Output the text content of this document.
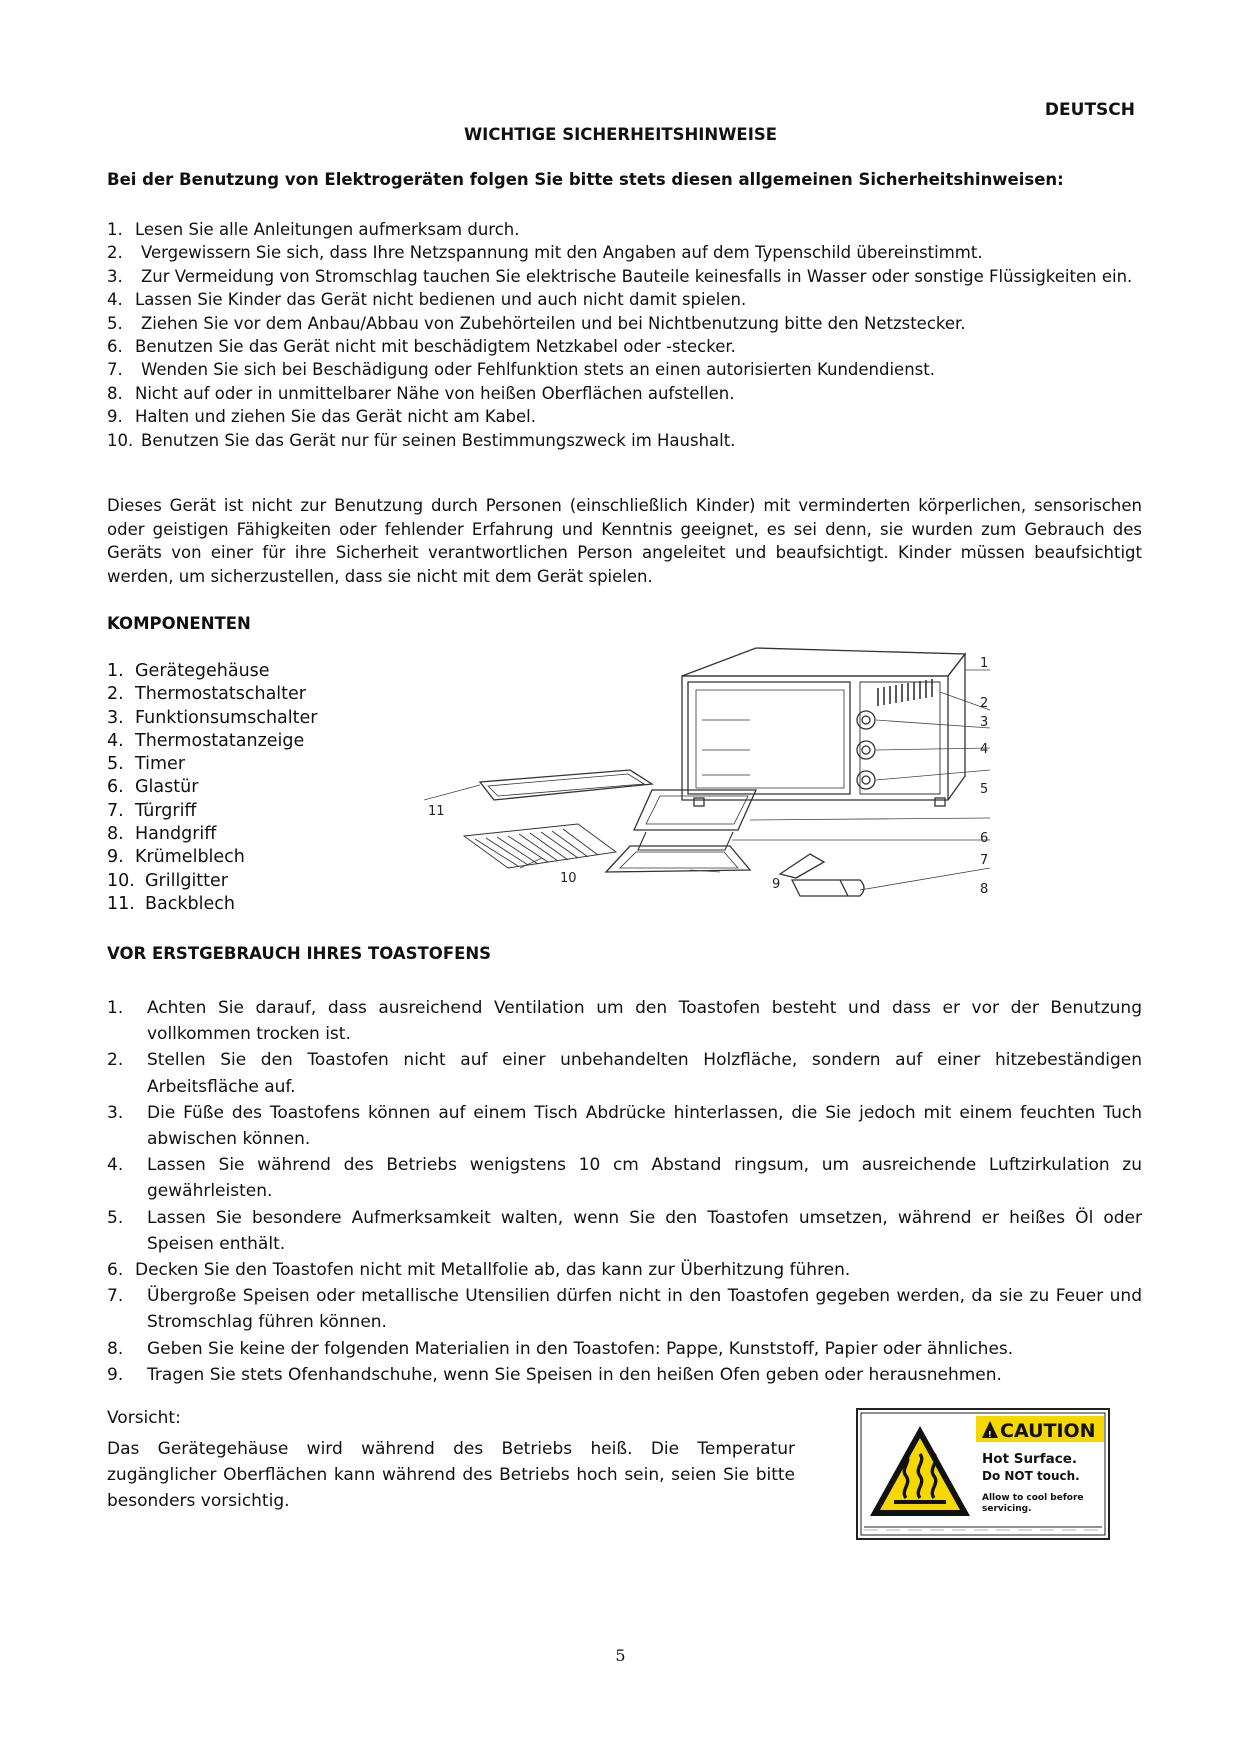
DEUTSCH
WICHTIGE SICHERHEITSHINWEISE
Bei der Benutzung von Elektrogeräten folgen Sie bitte stets diesen allgemeinen Sicherheitshinweisen:
1. Lesen Sie alle Anleitungen aufmerksam durch.
2.	Vergewissern Sie sich, dass Ihre Netzspannung mit den Angaben auf dem Typenschild übereinstimmt.
3.	Zur Vermeidung von Stromschlag tauchen Sie elektrische Bauteile keinesfalls in Wasser oder sonstige Flüssigkeiten ein.
4. Lassen Sie Kinder das Gerät nicht bedienen und auch nicht damit spielen.
5.	Ziehen Sie vor dem Anbau/Abbau von Zubehörteilen und bei Nichtbenutzung bitte den Netzstecker.
6. Benutzen Sie das Gerät nicht mit beschädigtem Netzkabel oder -stecker.
7.	Wenden Sie sich bei Beschädigung oder Fehlfunktion stets an einen autorisierten Kundendienst.
8. Nicht auf oder in unmittelbarer Nähe von heißen Oberflächen aufstellen.
9. Halten und ziehen Sie das Gerät nicht am Kabel.
10. Benutzen Sie das Gerät nur für seinen Bestimmungszweck im Haushalt.

Dieses Gerät ist nicht zur Benutzung durch Personen (einschließlich Kinder) mit verminderten körperlichen, sensorischen oder geistigen Fähigkeiten oder fehlender Erfahrung und Kenntnis geeignet, es sei denn, sie wurden zum Gebrauch des Geräts von einer für ihre Sicherheit verantwortlichen Person angeleitet und beaufsichtigt. Kinder müssen beaufsichtigt werden, um sicherzustellen, dass sie nicht mit dem Gerät spielen.

KOMPONENTEN
1. Gerätegehäuse
2. Thermostatschalter
3. Funktionsumschalter
4. Thermostatanzeige
5. Timer
6. Glastür
7. Türgriff
8. Handgriff
9. Krümelblech
10. Grillgitter
11. Backblech
1
2
3
4
5
6
7
8
9
10
11
VOR ERSTGEBRAUCH IHRES TOASTOFENS
1. Achten Sie darauf, dass ausreichend Ventilation um den Toastofen besteht und dass er vor der Benutzung vollkommen trocken ist.
2. Stellen Sie den Toastofen nicht auf einer unbehandelten Holzfläche, sondern auf einer hitzebeständigen Arbeitsfläche auf.
3. Die Füße des Toastofens können auf einem Tisch Abdrücke hinterlassen, die Sie jedoch mit einem feuchten Tuch abwischen können.
4. Lassen Sie während des Betriebs wenigstens 10 cm Abstand ringsum, um ausreichende Luftzirkulation zu gewährleisten.
5. Lassen Sie besondere Aufmerksamkeit walten, wenn Sie den Toastofen umsetzen, während er heißes Öl oder Speisen enthält.
6. Decken Sie den Toastofen nicht mit Metallfolie ab, das kann zur Überhitzung führen.
7. Übergroße Speisen oder metallische Utensilien dürfen nicht in den Toastofen gegeben werden, da sie zu Feuer und Stromschlag führen können.
8. Geben Sie keine der folgenden Materialien in den Toastofen: Pappe, Kunststoff, Papier oder ähnliches.
9. Tragen Sie stets Ofenhandschuhe, wenn Sie Speisen in den heißen Ofen geben oder herausnehmen.
Vorsicht:

Das Gerätegehäuse wird während des Betriebs heiß. Die Temperatur zugänglicher Oberflächen kann während des Betriebs hoch sein, seien Sie bitte besonders vorsichtig.

! CAUTION
Hot Surface.
Do NOT touch.
Allow to cool before
servicing.
5
